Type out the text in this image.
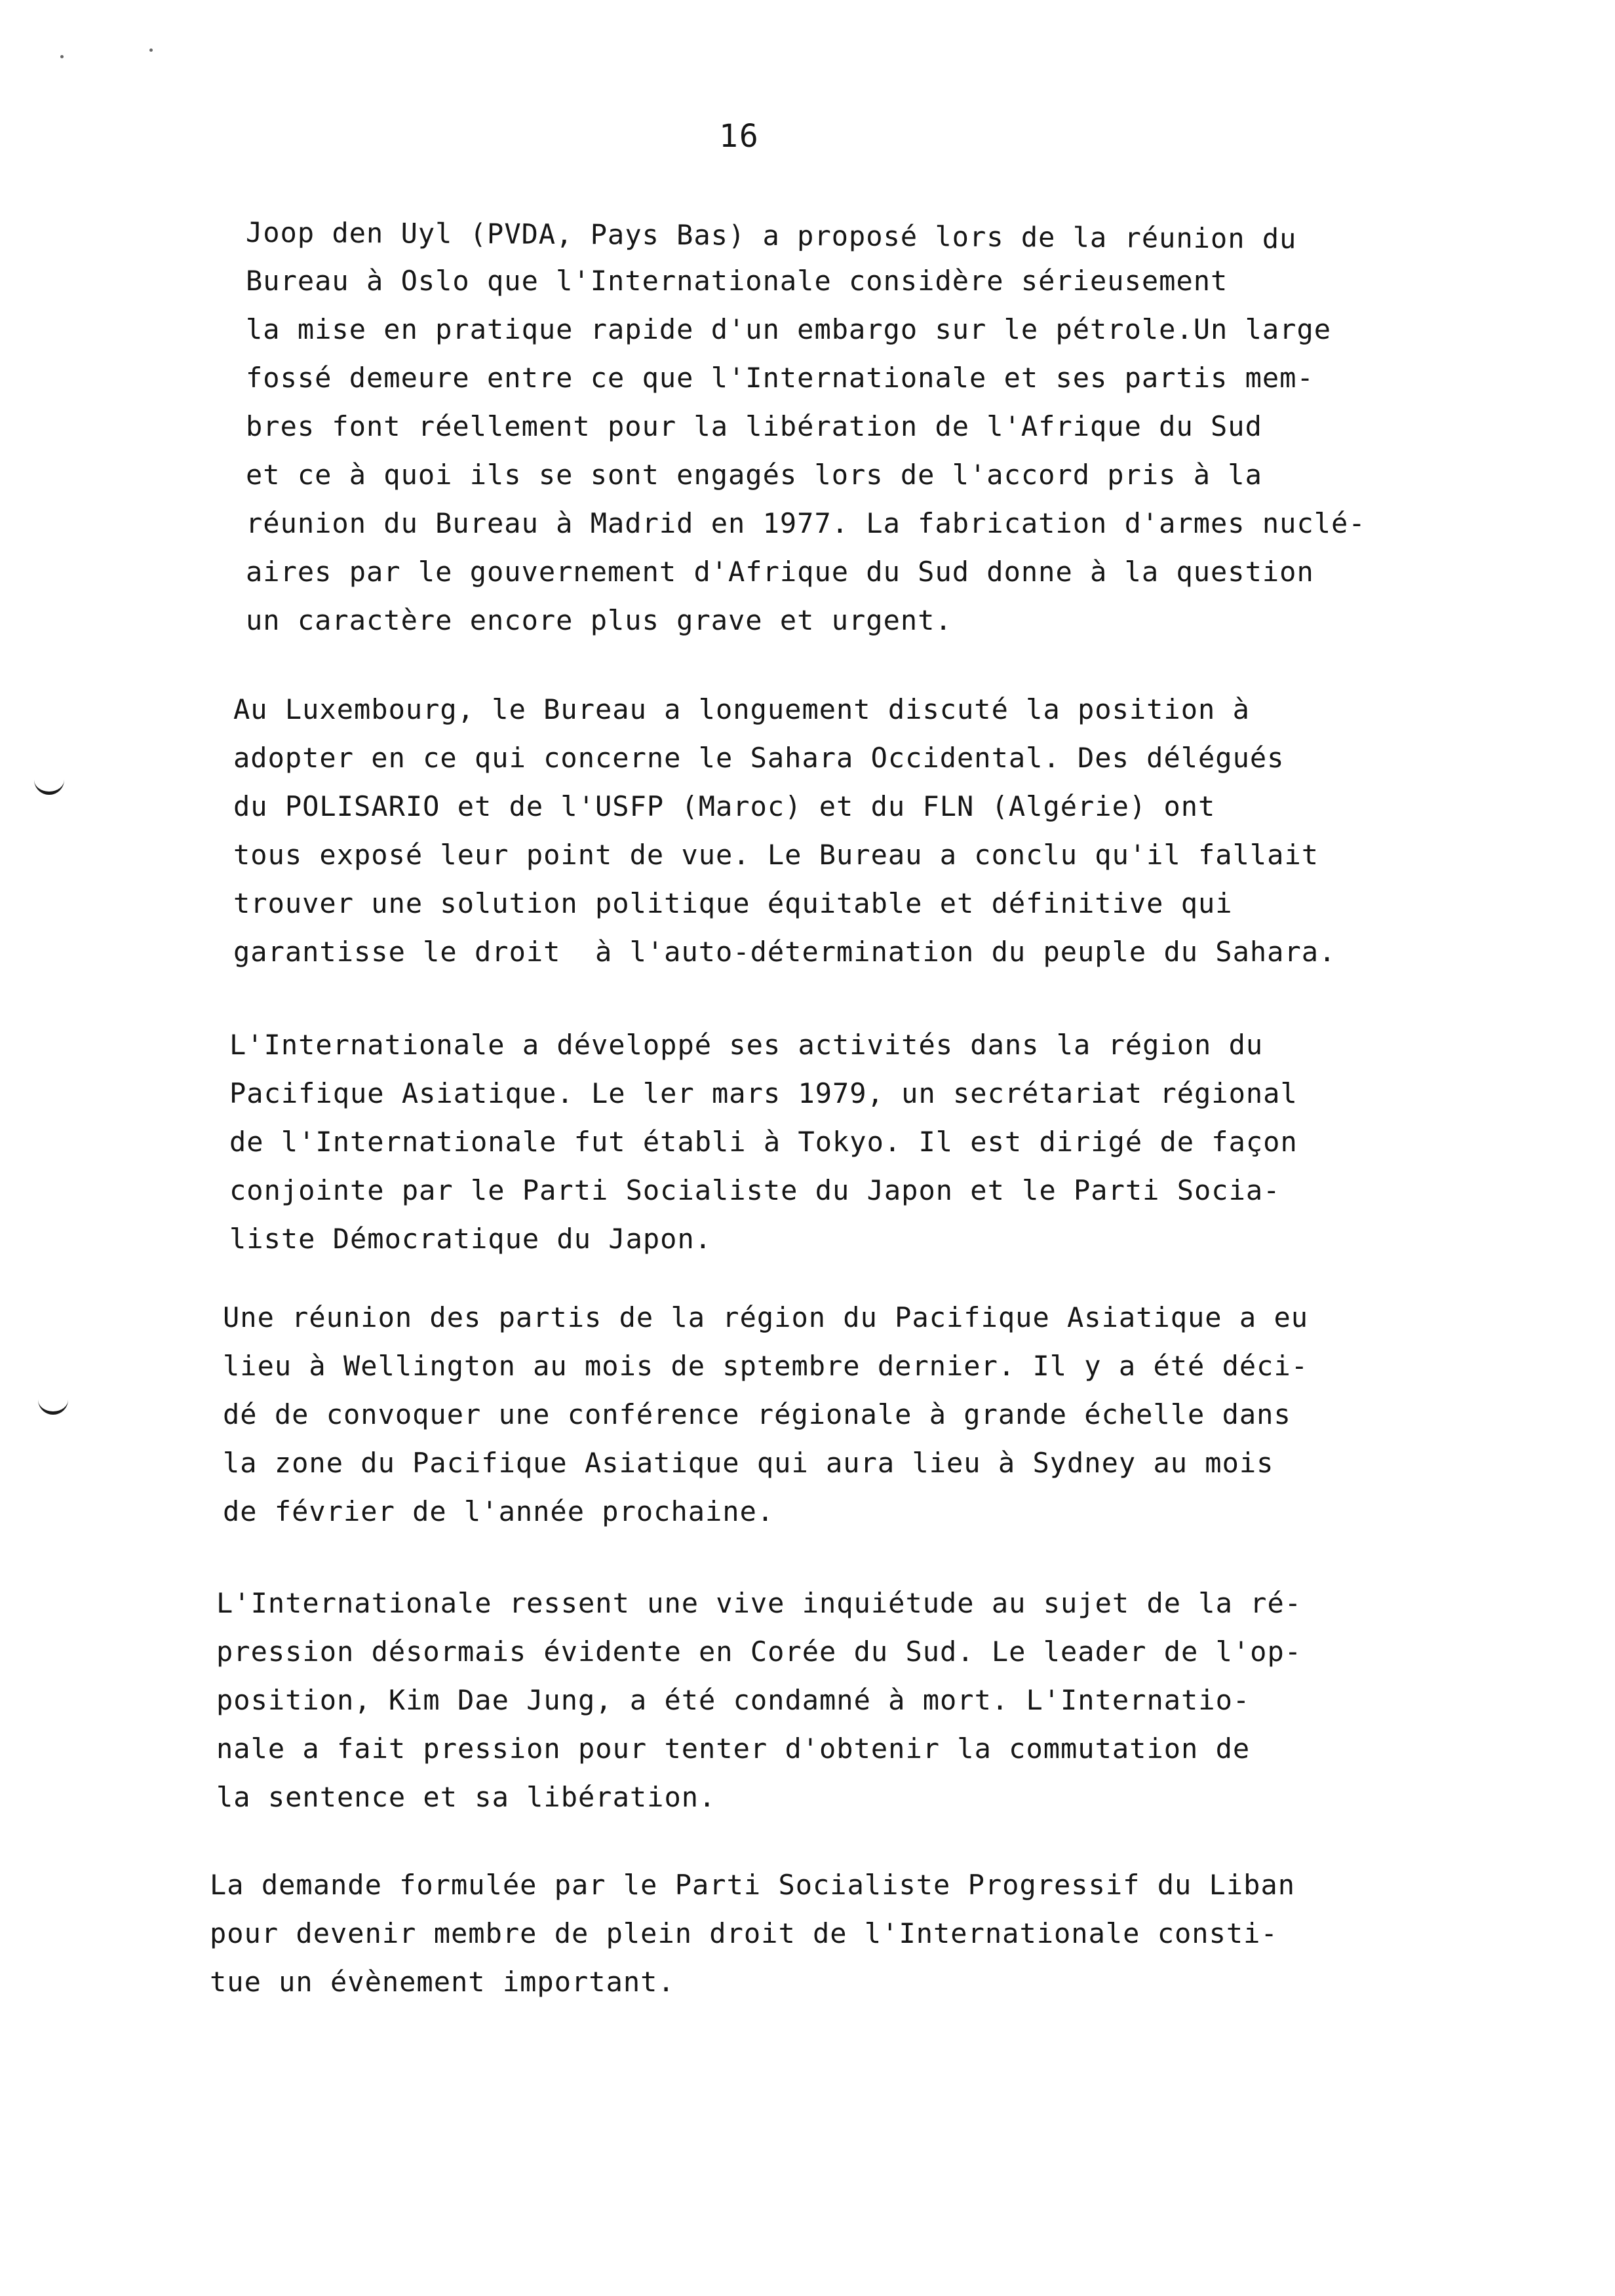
16
Joop den Uyl (PVDA, Pays Bas) a proposé lors de la réunion du
Bureau à Oslo que l'Internationale considère sérieusement
la mise en pratique rapide d'un embargo sur le pétrole.Un large
fossé demeure entre ce que l'Internationale et ses partis mem-
bres font réellement pour la libération de l'Afrique du Sud
et ce à quoi ils se sont engagés lors de l'accord pris à la
réunion du Bureau à Madrid en 1977. La fabrication d'armes nuclé-
aires par le gouvernement d'Afrique du Sud donne à la question
un caractère encore plus grave et urgent.
Au Luxembourg, le Bureau a longuement discuté la position à
adopter en ce qui concerne le Sahara Occidental. Des délégués
du POLISARIO et de l'USFP (Maroc) et du FLN (Algérie) ont
tous exposé leur point de vue. Le Bureau a conclu qu'il fallait
trouver une solution politique équitable et définitive qui
garantisse le droit  à l'auto-détermination du peuple du Sahara.
L'Internationale a développé ses activités dans la région du
Pacifique Asiatique. Le ler mars 1979, un secrétariat régional
de l'Internationale fut établi à Tokyo. Il est dirigé de façon
conjointe par le Parti Socialiste du Japon et le Parti Socia-
liste Démocratique du Japon.
Une réunion des partis de la région du Pacifique Asiatique a eu
lieu à Wellington au mois de sptembre dernier. Il y a été déci-
dé de convoquer une conférence régionale à grande échelle dans
la zone du Pacifique Asiatique qui aura lieu à Sydney au mois
de février de l'année prochaine.
L'Internationale ressent une vive inquiétude au sujet de la ré-
pression désormais évidente en Corée du Sud. Le leader de l'op-
position, Kim Dae Jung, a été condamné à mort. L'Internatio-
nale a fait pression pour tenter d'obtenir la commutation de
la sentence et sa libération.
La demande formulée par le Parti Socialiste Progressif du Liban
pour devenir membre de plein droit de l'Internationale consti-
tue un évènement important.
